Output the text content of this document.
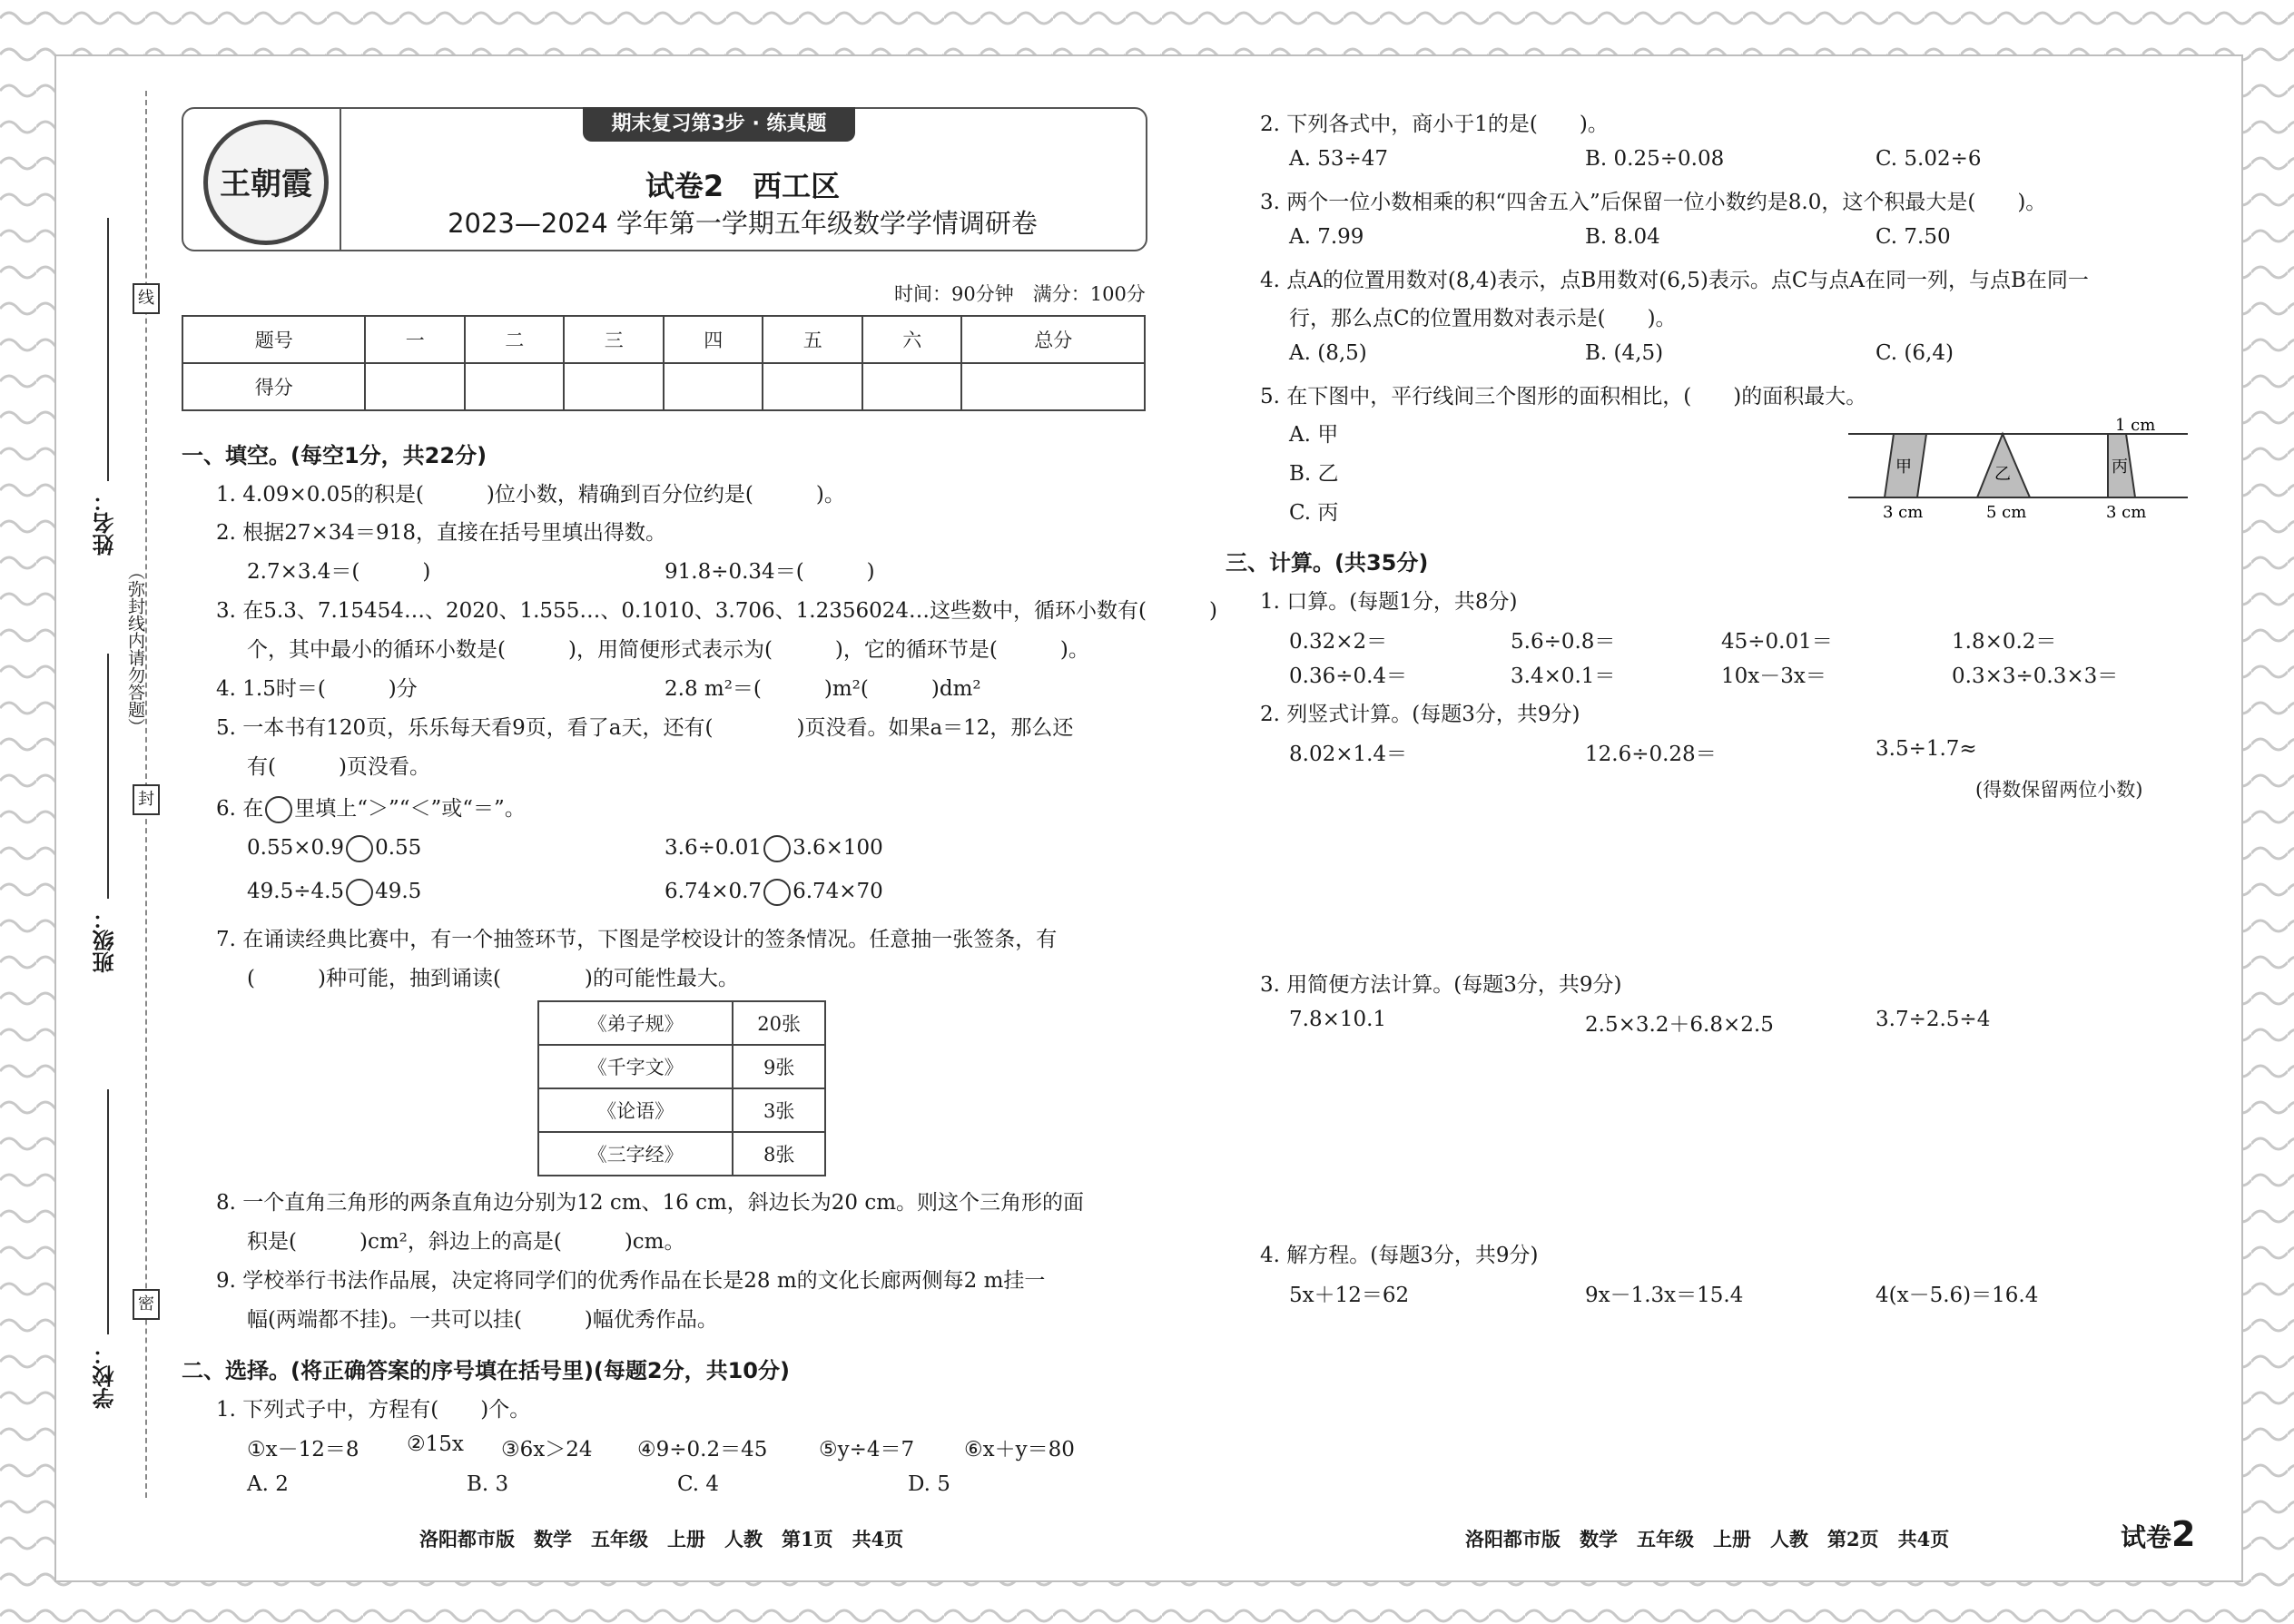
学校：
班级：
姓名：
线
封
密
（弥封线内请勿答题）
王朝霞
期末复习第3步 · 练真题
试卷2　西工区
2023—2024 学年第一学期五年级数学学情调研卷
时间：90分钟　满分：100分
题号	一	二	三	四	五	六	总分
得分							
一、填空。(每空1分，共22分)
1. 4.09×0.05的积是(　　　)位小数，精确到百分位约是(　　　)。
2. 根据27×34＝918，直接在括号里填出得数。
2.7×3.4＝(　　　)	91.8÷0.34＝(　　　)
3. 在5.3、7.15454…、2020、1.555…、0.1010、3.706、1.2356024…这些数中，循环小数有(　　　)
个，其中最小的循环小数是(　　　)，用简便形式表示为(　　　)，它的循环节是(　　　)。
4. 1.5时＝(　　　)分	2.8 m²＝(　　　)m²(　　　)dm²
5. 一本书有120页，乐乐每天看9页，看了a天，还有(　　　　)页没看。如果a＝12，那么还
有(　　　)页没看。
6. 在 里填上“＞”“＜”或“＝”。
0.55×0.9 0.55	3.6÷0.01 3.6×100
49.5÷4.5 49.5	6.74×0.7 6.74×70
7. 在诵读经典比赛中，有一个抽签环节，下图是学校设计的签条情况。任意抽一张签条，有
(　　　)种可能，抽到诵读(　　　　)的可能性最大。
《弟子规》	20张
《千字文》	9张
《论语》	3张
《三字经》	8张
8. 一个直角三角形的两条直角边分别为12 cm、16 cm，斜边长为20 cm。则这个三角形的面
积是(　　　)cm²，斜边上的高是(　　　)cm。
9. 学校举行书法作品展，决定将同学们的优秀作品在长是28 m的文化长廊两侧每2 m挂一
幅(两端都不挂)。一共可以挂(　　　)幅优秀作品。
二、选择。(将正确答案的序号填在括号里)(每题2分，共10分)
1. 下列式子中，方程有(　　)个。
①x－12＝8 ②15x ③6x＞24 ④9÷0.2＝45 ⑤y÷4＝7 ⑥x＋y＝80
A. 2	B. 3	C. 4	D. 5
洛阳都市版　数学　五年级　上册　人教　第1页　共4页
2. 下列各式中，商小于1的是(　　)。
A. 53÷47	B. 0.25÷0.08	C. 5.02÷6
3. 两个一位小数相乘的积“四舍五入”后保留一位小数约是8.0，这个积最大是(　　)。
A. 7.99	B. 8.04	C. 7.50
4. 点A的位置用数对(8,4)表示，点B用数对(6,5)表示。点C与点A在同一列，与点B在同一
行，那么点C的位置用数对表示是(　　)。
A. (8,5)	B. (4,5)	C. (6,4)
5. 在下图中，平行线间三个图形的面积相比，(　　)的面积最大。
A. 甲
B. 乙
C. 丙
1 cm
甲	乙	丙
3 cm	5 cm	3 cm
三、计算。(共35分)
1. 口算。(每题1分，共8分)
0.32×2＝	5.6÷0.8＝	45÷0.01＝	1.8×0.2＝
0.36÷0.4＝	3.4×0.1＝	10x－3x＝	0.3×3÷0.3×3＝
2. 列竖式计算。(每题3分，共9分)
8.02×1.4＝	12.6÷0.28＝	3.5÷1.7≈
(得数保留两位小数)
3. 用简便方法计算。(每题3分，共9分)
7.8×10.1	2.5×3.2＋6.8×2.5	3.7÷2.5÷4
4. 解方程。(每题3分，共9分)
5x＋12＝62	9x－1.3x＝15.4	4(x－5.6)＝16.4
洛阳都市版　数学　五年级　上册　人教　第2页　共4页	试卷2
